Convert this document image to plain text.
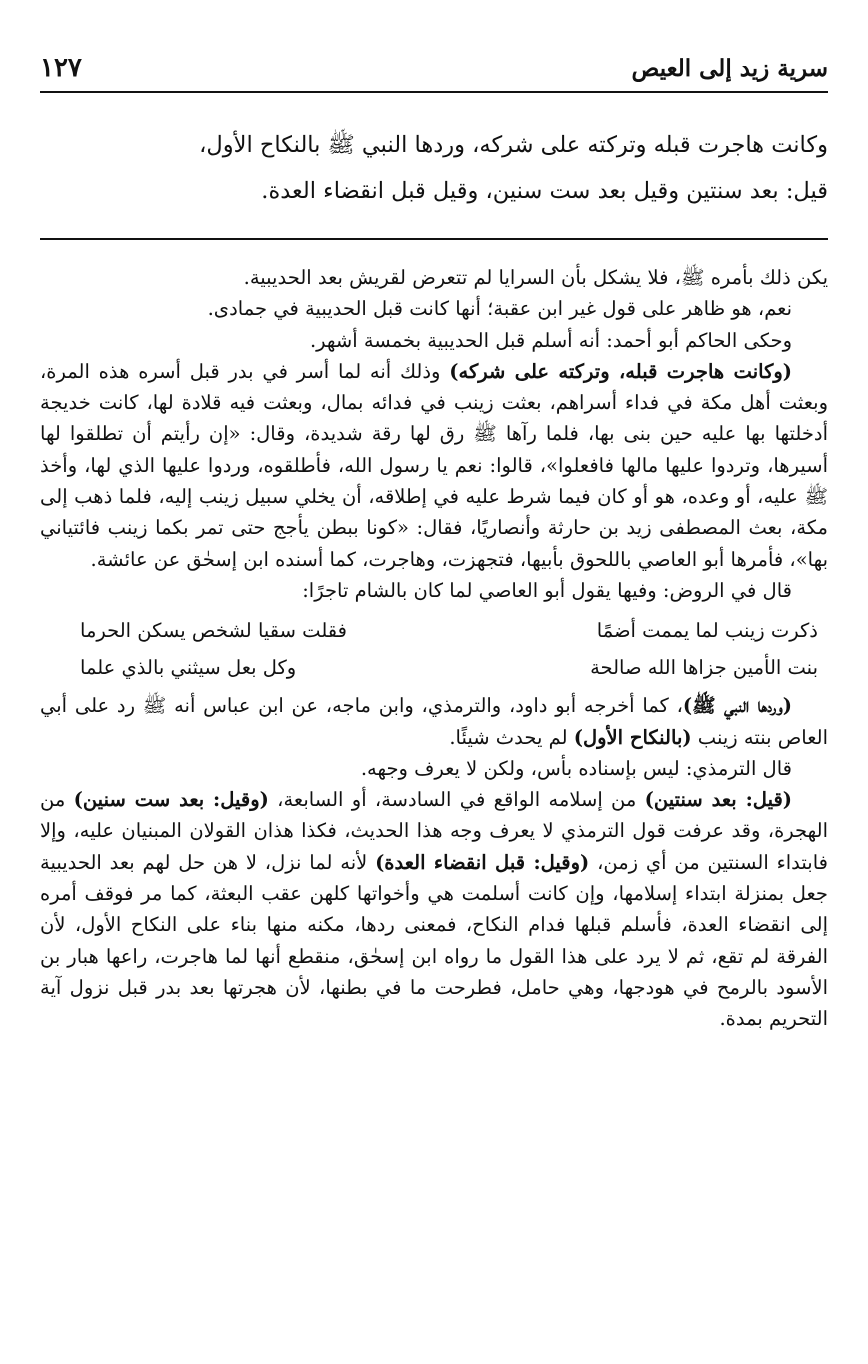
سرية زيد إلى العيص
١٢٧

وكانت هاجرت قبله وتركته على شركه، وردها النبي ﷺ بالنكاح الأول،

قيل: بعد سنتين وقيل بعد ست سنين، وقيل قبل انقضاء العدة.

يكن ذلك بأمره ﷺ، فلا يشكل بأن السرايا لم تتعرض لقريش بعد الحديبية.

نعم، هو ظاهر على قول غير ابن عقبة؛ أنها كانت قبل الحديبية في جمادى.

وحكى الحاكم أبو أحمد: أنه أسلم قبل الحديبية بخمسة أشهر.

(وكانت هاجرت قبله، وتركته على شركه) وذلك أنه لما أسر في بدر قبل أسره هذه المرة، وبعثت أهل مكة في فداء أسراهم، بعثت زينب في فدائه بمال، وبعثت فيه قلادة لها، كانت خديجة أدخلتها بها عليه حين بنى بها، فلما رآها ﷺ رق لها رقة شديدة، وقال: «إن رأيتم أن تطلقوا لها أسيرها، وتردوا عليها مالها فافعلوا»، قالوا: نعم يا رسول الله، فأطلقوه، وردوا عليها الذي لها، وأخذ ﷺ عليه، أو وعده، هو أو كان فيما شرط عليه في إطلاقه، أن يخلي سبيل زينب إليه، فلما ذهب إلى مكة، بعث المصطفى زيد بن حارثة وأنصاريًا، فقال: «كونا ببطن يأجج حتى تمر بكما زينب فائتياني بها»، فأمرها أبو العاصي باللحوق بأبيها، فتجهزت، وهاجرت، كما أسنده ابن إسحٰق عن عائشة.

قال في الروض: وفيها يقول أبو العاصي لما كان بالشام تاجرًا:

ذكرت زينب لما يممت أضمًا
فقلت سقيا لشخص يسكن الحرما
بنت الأمين جزاها الله صالحة
وكل بعل سيثني بالذي علما

(وردها النبي ﷺ)، كما أخرجه أبو داود، والترمذي، وابن ماجه، عن ابن عباس أنه ﷺ رد على أبي العاص بنته زينب (بالنكاح الأول) لم يحدث شيئًا.

قال الترمذي: ليس بإسناده بأس، ولكن لا يعرف وجهه.

(قيل: بعد سنتين) من إسلامه الواقع في السادسة، أو السابعة، (وقيل: بعد ست سنين) من الهجرة، وقد عرفت قول الترمذي لا يعرف وجه هذا الحديث، فكذا هذان القولان المبنيان عليه، وإلا فابتداء السنتين من أي زمن، (وقيل: قبل انقضاء العدة) لأنه لما نزل، لا هن حل لهم بعد الحديبية جعل بمنزلة ابتداء إسلامها، وإن كانت أسلمت هي وأخواتها كلهن عقب البعثة، كما مر فوقف أمره إلى انقضاء العدة، فأسلم قبلها فدام النكاح، فمعنى ردها، مكنه منها بناء على النكاح الأول، لأن الفرقة لم تقع، ثم لا يرد على هذا القول ما رواه ابن إسحٰق، منقطع أنها لما هاجرت، راعها هبار بن الأسود بالرمح في هودجها، وهي حامل، فطرحت ما في بطنها، لأن هجرتها بعد بدر قبل نزول آية التحريم بمدة.
